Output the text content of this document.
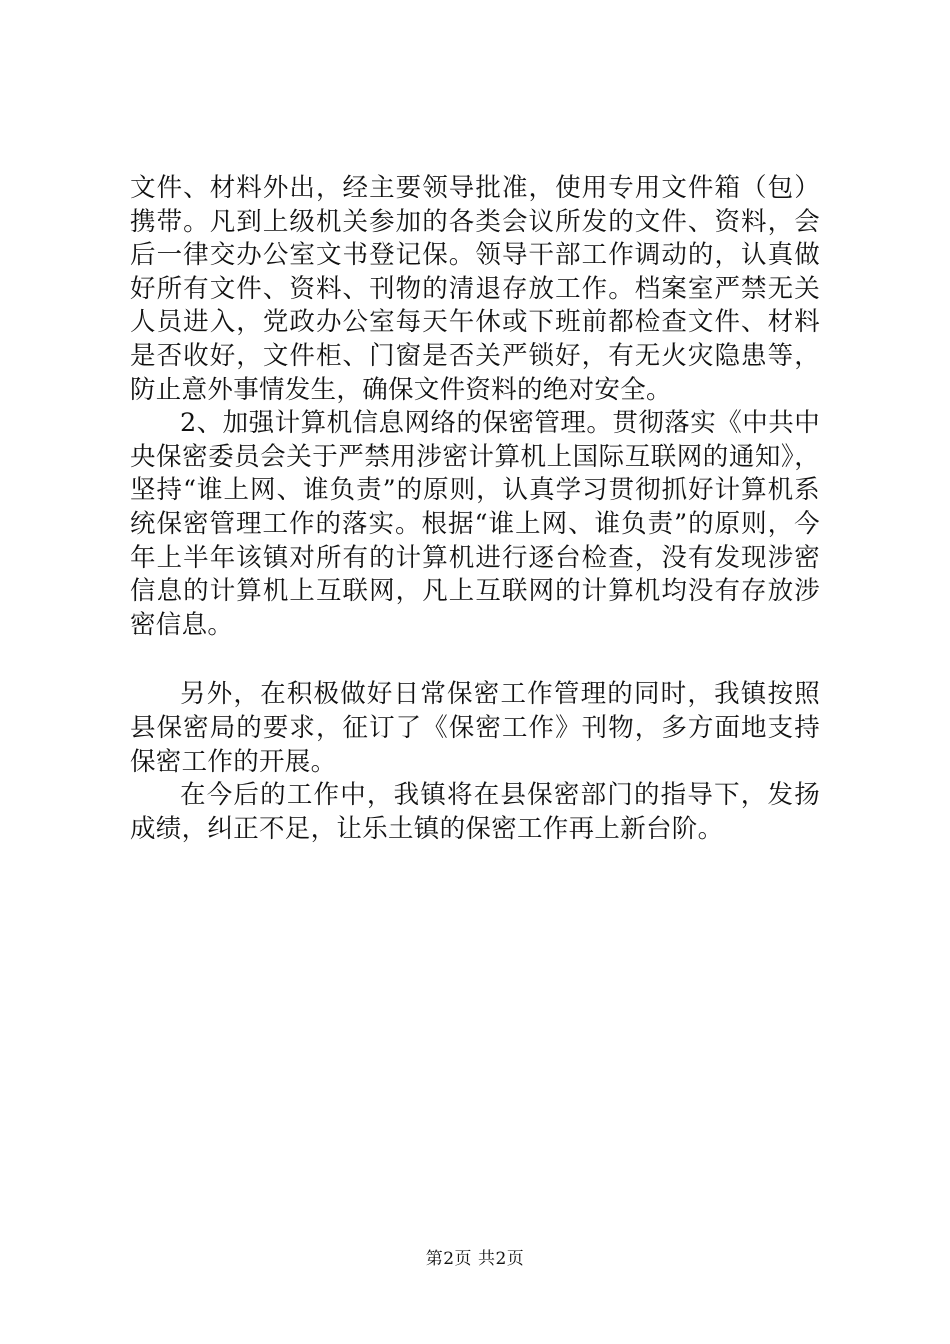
文件、材料外出，经主要领导批准，使用专用文件箱（包）携带。凡到上级机关参加的各类会议所发的文件、资料，会后一律交办公室文书登记保。领导干部工作调动的，认真做好所有文件、资料、刊物的清退存放工作。档案室严禁无关人员进入，党政办公室每天午休或下班前都检查文件、材料是否收好，文件柜、门窗是否关严锁好，有无火灾隐患等，防止意外事情发生，确保文件资料的绝对安全。

2、加强计算机信息网络的保密管理。贯彻落实《中共中央保密委员会关于严禁用涉密计算机上国际互联网的通知》，坚持“谁上网、谁负责”的原则，认真学习贯彻抓好计算机系统保密管理工作的落实。根据“谁上网、谁负责”的原则，今年上半年该镇对所有的计算机进行逐台检查，没有发现涉密信息的计算机上互联网，凡上互联网的计算机均没有存放涉密信息。

另外，在积极做好日常保密工作管理的同时，我镇按照县保密局的要求，征订了《保密工作》刊物，多方面地支持保密工作的开展。

在今后的工作中，我镇将在县保密部门的指导下，发扬成绩，纠正不足，让乐土镇的保密工作再上新台阶。

第2页 共2页
